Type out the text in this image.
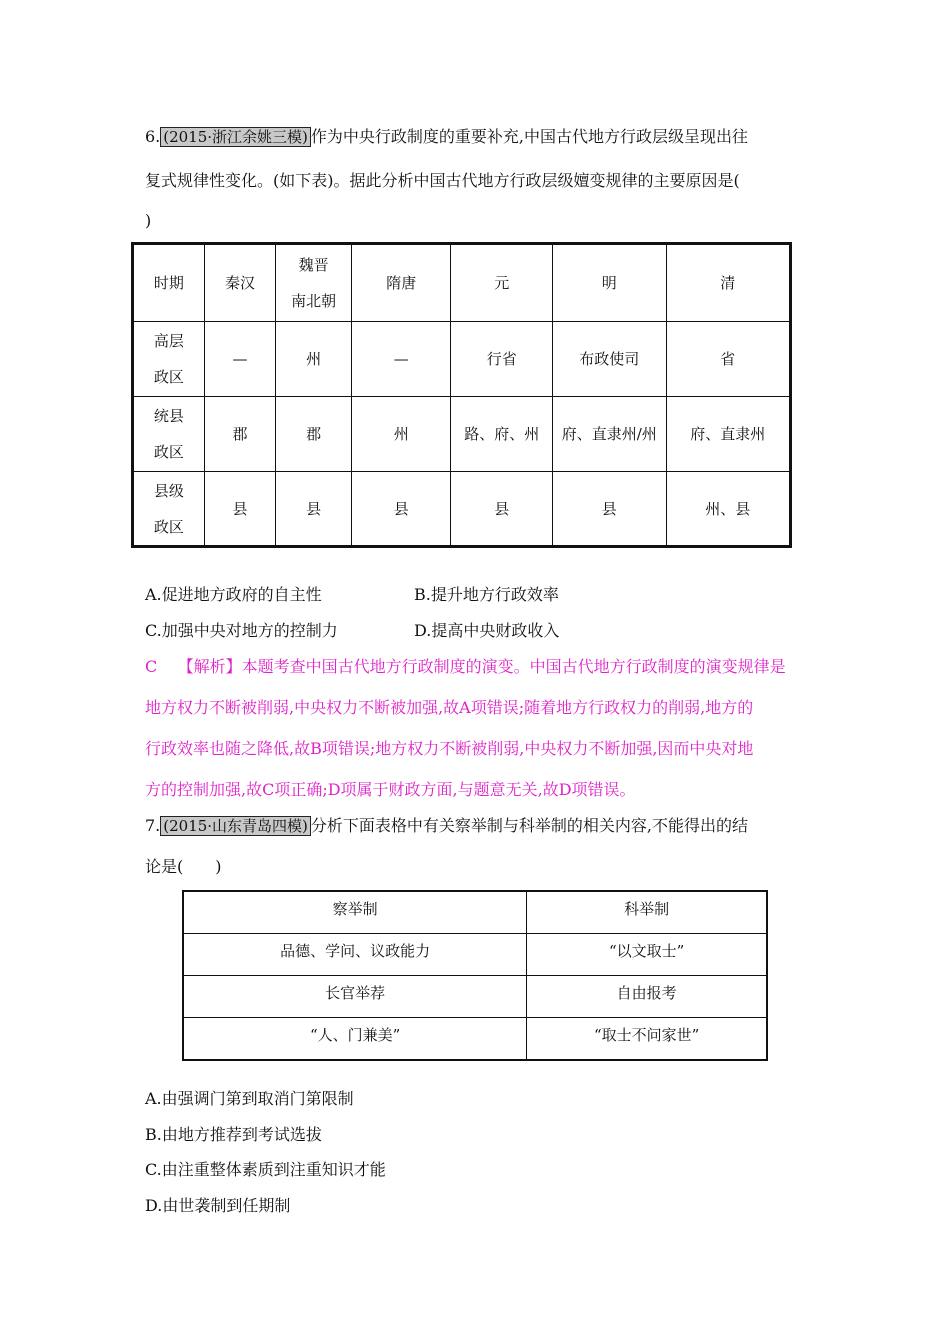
6. (2015·浙江余姚三模) 作为中央行政制度的重要补充,中国古代地方行政层级呈现出往
复式规律性变化。(如下表)。据此分析中国古代地方行政层级嬗变规律的主要原因是(
)
时期	秦汉	魏晋
南北朝	隋唐	元	明	清

高层
政区	—	州	—	行省	布政使司	省

统县
政区	郡	郡	州	路、府、州	府、直隶州/州	府、直隶州

县级
政区	县	县	县	县	县	州、县
A.促进地方政府的自主性	B.提升地方行政效率
C.加强中央对地方的控制力	D.提高中央财政收入
C 【解析】本题考查中国古代地方行政制度的演变。中国古代地方行政制度的演变规律是
地方权力不断被削弱,中央权力不断被加强,故A项错误;随着地方行政权力的削弱,地方的
行政效率也随之降低,故B项错误;地方权力不断被削弱,中央权力不断加强,因而中央对地
方的控制加强,故C项正确;D项属于财政方面,与题意无关,故D项错误。
7. (2015·山东青岛四模) 分析下面表格中有关察举制与科举制的相关内容,不能得出的结
论是(　　)
察举制	科举制
品德、学问、议政能力	“以文取士”
长官举荐	自由报考
“人、门兼美”	“取士不问家世”
A.由强调门第到取消门第限制
B.由地方推荐到考试选拔
C.由注重整体素质到注重知识才能
D.由世袭制到任期制
